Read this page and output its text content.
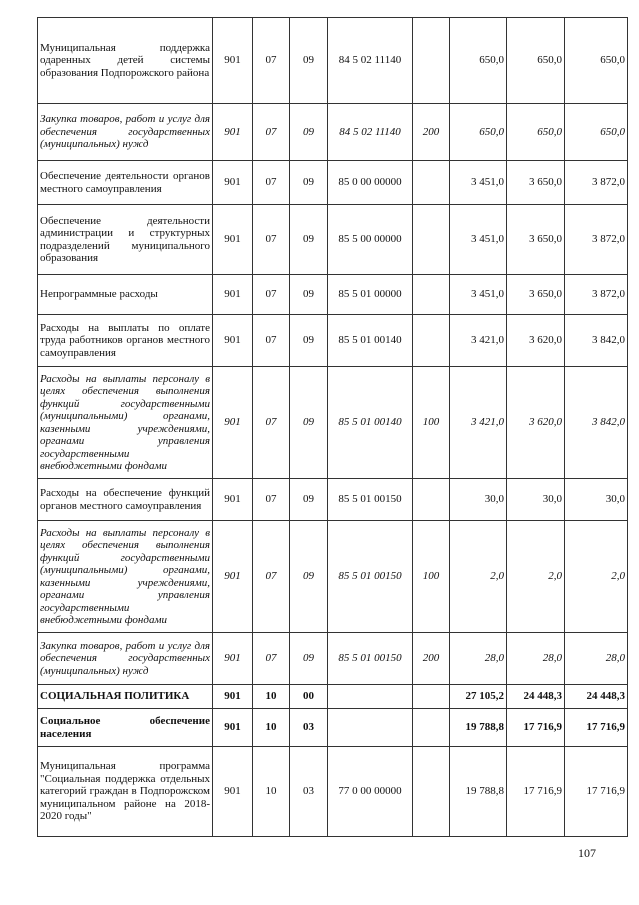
Муниципальная поддержка одаренных детей системы образования Подпорожского района	901	07	09	84 5 02 11140		650,0	650,0	650,0
Закупка товаров, работ и услуг для обеспечения государственных (муниципальных) нужд	901	07	09	84 5 02 11140	200	650,0	650,0	650,0
Обеспечение деятельности органов местного самоуправления	901	07	09	85 0 00 00000		3 451,0	3 650,0	3 872,0
Обеспечение деятельности администрации и структурных подразделений муниципального образования	901	07	09	85 5 00 00000		3 451,0	3 650,0	3 872,0
Непрограммные расходы	901	07	09	85 5 01 00000		3 451,0	3 650,0	3 872,0
Расходы на выплаты по оплате труда работников органов местного самоуправления	901	07	09	85 5 01 00140		3 421,0	3 620,0	3 842,0
Расходы на выплаты персоналу в целях обеспечения выполнения функций государственными (муниципальными) органами, казенными учреждениями, органами управления государственными внебюджетными фондами	901	07	09	85 5 01 00140	100	3 421,0	3 620,0	3 842,0
Расходы на обеспечение функций органов местного самоуправления	901	07	09	85 5 01 00150		30,0	30,0	30,0
Расходы на выплаты персоналу в целях обеспечения выполнения функций государственными (муниципальными) органами, казенными учреждениями, органами управления государственными внебюджетными фондами	901	07	09	85 5 01 00150	100	2,0	2,0	2,0
Закупка товаров, работ и услуг для обеспечения государственных (муниципальных) нужд	901	07	09	85 5 01 00150	200	28,0	28,0	28,0
СОЦИАЛЬНАЯ ПОЛИТИКА	901	10	00			27 105,2	24 448,3	24 448,3
Социальное обеспечение населения	901	10	03			19 788,8	17 716,9	17 716,9
Муниципальная программа "Социальная поддержка отдельных категорий граждан в Подпорожском муниципальном районе на 2018-2020 годы"	901	10	03	77 0 00 00000		19 788,8	17 716,9	17 716,9
107
